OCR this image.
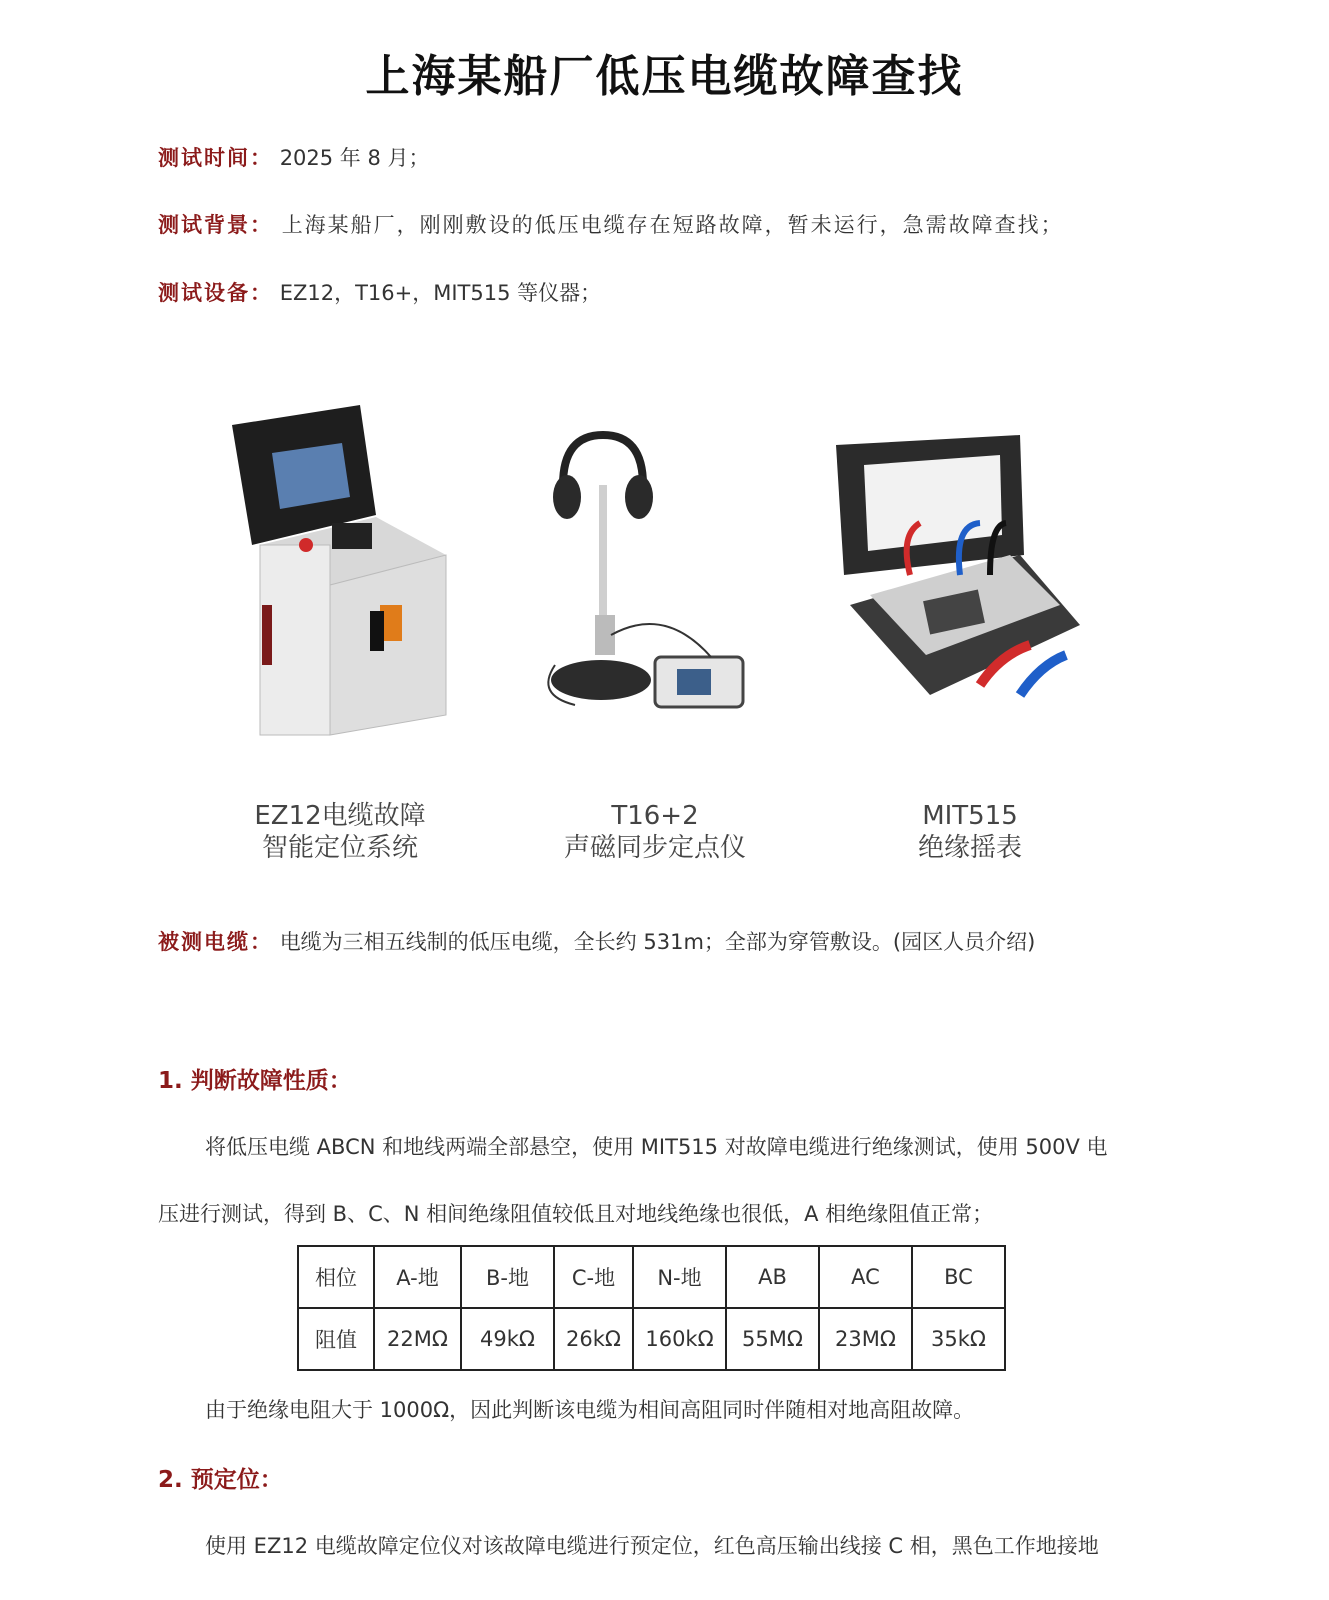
上海某船厂低压电缆故障查找
测试时间： 2025 年 8 月；
测试背景： 上海某船厂，刚刚敷设的低压电缆存在短路故障，暂未运行，急需故障查找；
测试设备： EZ12，T16+，MIT515 等仪器；
EZ12电缆故障
智能定位系统
T16+2
声磁同步定点仪
MIT515
绝缘摇表
被测电缆： 电缆为三相五线制的低压电缆，全长约 531m；全部为穿管敷设。(园区人员介绍)
1. 判断故障性质：
将低压电缆 ABCN 和地线两端全部悬空，使用 MIT515 对故障电缆进行绝缘测试，使用 500V 电
压进行测试，得到 B、C、N 相间绝缘阻值较低且对地线绝缘也很低，A 相绝缘阻值正常；
相位	A-地	B-地	C-地	N-地	AB	AC	BC
阻值	22MΩ	49kΩ	26kΩ	160kΩ	55MΩ	23MΩ	35kΩ
由于绝缘电阻大于 1000Ω，因此判断该电缆为相间高阻同时伴随相对地高阻故障。
2. 预定位：
使用 EZ12 电缆故障定位仪对该故障电缆进行预定位，红色高压输出线接 C 相，黑色工作地接地
